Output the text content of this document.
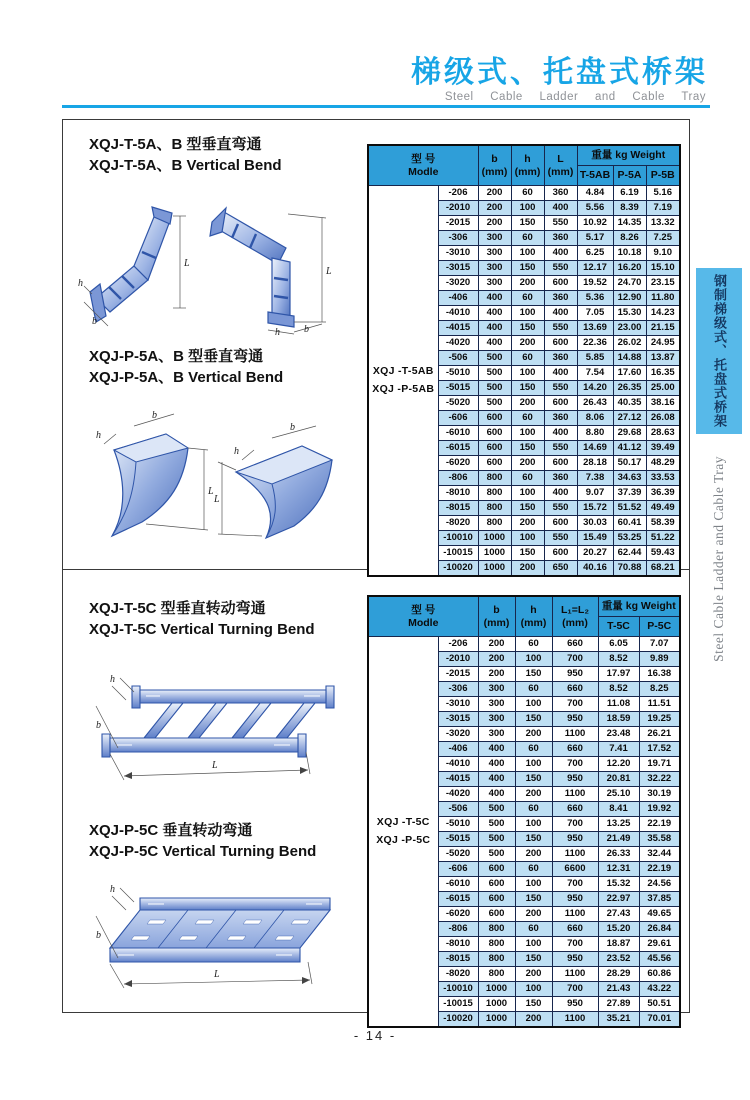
梯级式、托盘式桥架
Steel Cable Ladder and Cable Tray
XQJ-T-5A、B 型垂直弯通
XQJ-T-5A、B Vertical Bend
L
b
h
L
h b
XQJ-P-5A、B 型垂直弯通
XQJ-P-5A、B Vertical Bend
h
b
L
L
b
h
型 号
Modle

b
(mm)

h
(mm)

L
(mm)
	重量 kg Weight
					T-5AB	P-5A	P-5B

XQJ -T-5AB
XQJ -P-5AB	-206	200	60	360	4.84	6.19	5.16
	-2010	200	100	400	5.56	8.39	7.19
	-2015	200	150	550	10.92	14.35	13.32
	-306	300	60	360	5.17	8.26	7.25
	-3010	300	100	400	6.25	10.18	9.10
	-3015	300	150	550	12.17	16.20	15.10
	-3020	300	200	600	19.52	24.70	23.15
	-406	400	60	360	5.36	12.90	11.80
	-4010	400	100	400	7.05	15.30	14.23
	-4015	400	150	550	13.69	23.00	21.15
	-4020	400	200	600	22.36	26.02	24.95
	-506	500	60	360	5.85	14.88	13.87
	-5010	500	100	400	7.54	17.60	16.35
	-5015	500	150	550	14.20	26.35	25.00
	-5020	500	200	600	26.43	40.35	38.16
	-606	600	60	360	8.06	27.12	26.08
	-6010	600	100	400	8.80	29.68	28.63
	-6015	600	150	550	14.69	41.12	39.49
	-6020	600	200	600	28.18	50.17	48.29
	-806	800	60	360	7.38	34.63	33.53
	-8010	800	100	400	9.07	37.39	36.39
	-8015	800	150	550	15.72	51.52	49.49
	-8020	800	200	600	30.03	60.41	58.39
	-10010	1000	100	550	15.49	53.25	51.22
	-10015	1000	150	600	20.27	62.44	59.43
	-10020	1000	200	650	40.16	70.88	68.21
XQJ-T-5C 型垂直转动弯通
XQJ-T-5C Vertical Turning Bend
h
b
L
XQJ-P-5C 垂直转动弯通
XQJ-P-5C Vertical Turning Bend
h
b
L
型 号
Modle

b
(mm)

h
(mm)

L₁=L₂
(mm)
	重量 kg Weight
					T-5C	P-5C

XQJ -T-5C
XQJ -P-5C	-206	200	60	660	6.05	7.07
	-2010	200	100	700	8.52	9.89
	-2015	200	150	950	17.97	16.38
	-306	300	60	660	8.52	8.25
	-3010	300	100	700	11.08	11.51
	-3015	300	150	950	18.59	19.25
	-3020	300	200	1100	23.48	26.21
	-406	400	60	660	7.41	17.52
	-4010	400	100	700	12.20	19.71
	-4015	400	150	950	20.81	32.22
	-4020	400	200	1100	25.10	30.19
	-506	500	60	660	8.41	19.92
	-5010	500	100	700	13.25	22.19
	-5015	500	150	950	21.49	35.58
	-5020	500	200	1100	26.33	32.44
	-606	600	60	6600	12.31	22.19
	-6010	600	100	700	15.32	24.56
	-6015	600	150	950	22.97	37.85
	-6020	600	200	1100	27.43	49.65
	-806	800	60	660	15.20	26.84
	-8010	800	100	700	18.87	29.61
	-8015	800	150	950	23.52	45.56
	-8020	800	200	1100	28.29	60.86
	-10010	1000	100	700	21.43	43.22
	-10015	1000	150	950	27.89	50.51
	-10020	1000	200	1100	35.21	70.01
钢制梯级式、托盘式桥架
Steel Cable Ladder and Cable Tray
- 14 -
